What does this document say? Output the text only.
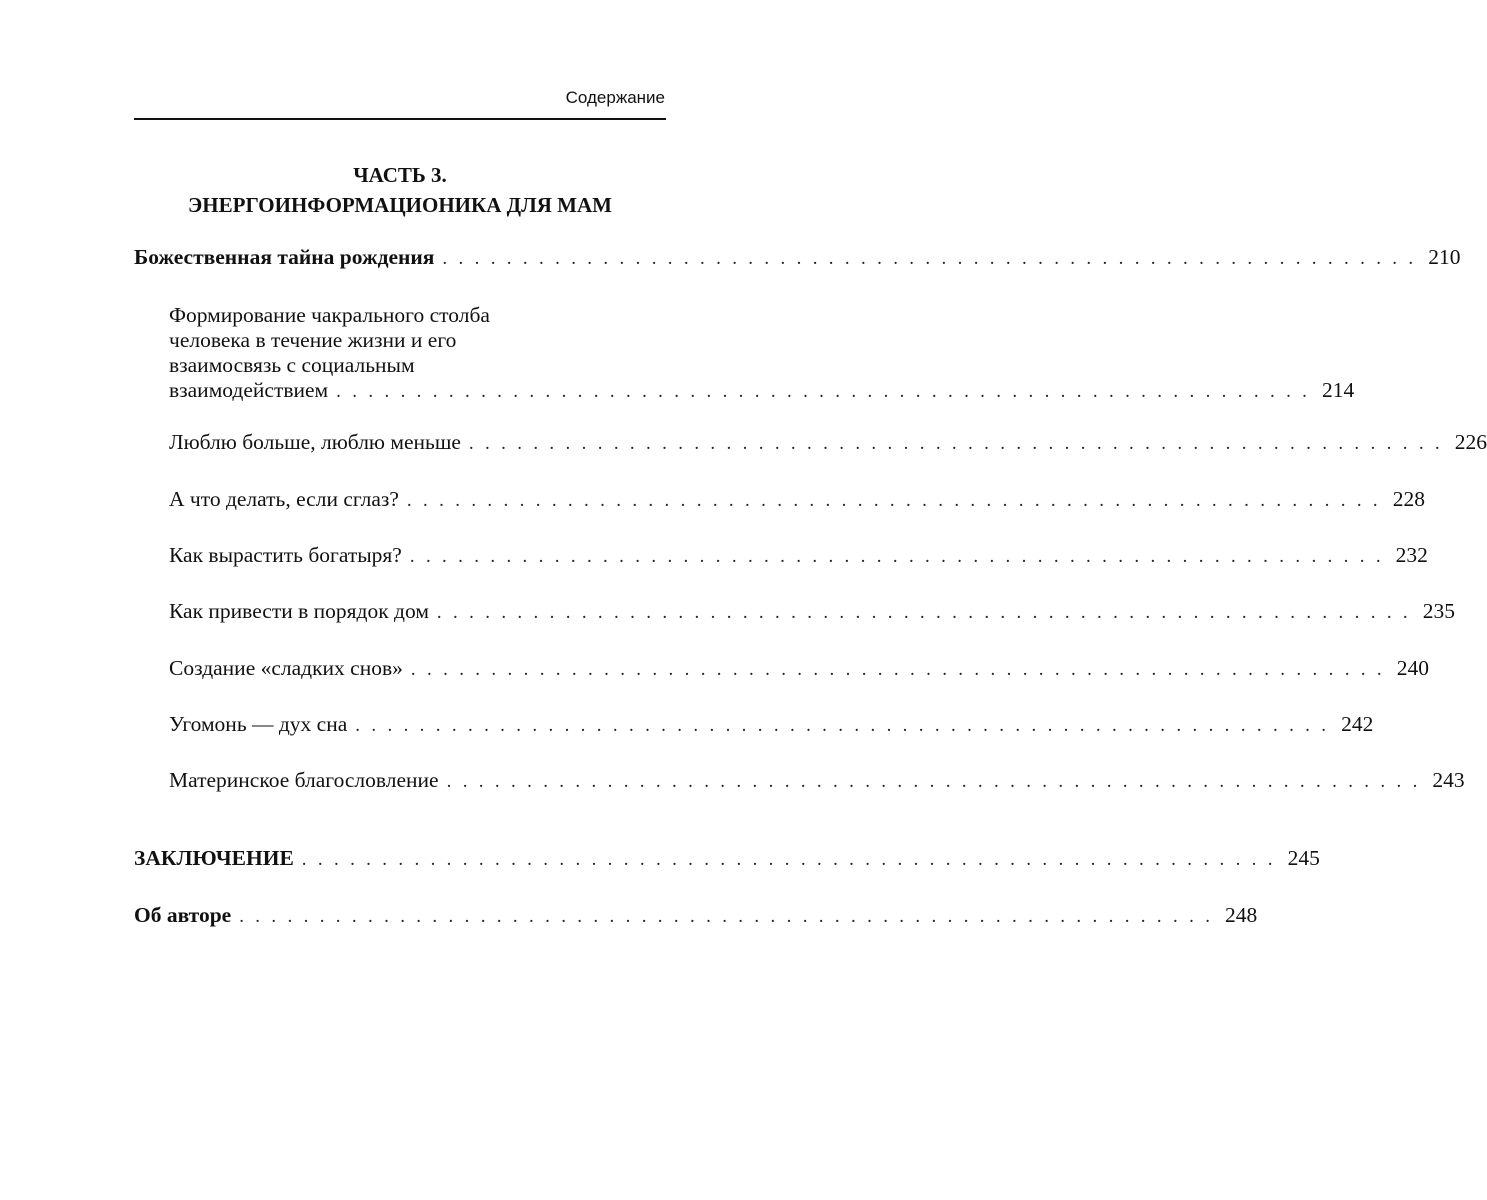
Содержание
ЧАСТЬ 3.
ЭНЕРГОИНФОРМАЦИОНИКА ДЛЯ МАМ
Божественная тайна рождения . . . . . . . . . . . . . . . . . . . . . . . . . . . . . . . . . . . . . . . . . . . . . . . . . . . . . . . . . . . . . 210
Формирование чакрального столба
человека в течение жизни и его
взаимосвязь с социальным
взаимодействием . . . . . . . . . . . . . . . . . . . . . . . . . . . . . . . . . . . . . . . . . . . . . . . . . . . . . . . . . . . . . 214
Люблю больше, люблю меньше . . . . . . . . . . . . . . . . . . . . . . . . . . . . . . . . . . . . . . . . . . . . . . . . . . . . . . . . . . . . . 226
А что делать, если сглаз? . . . . . . . . . . . . . . . . . . . . . . . . . . . . . . . . . . . . . . . . . . . . . . . . . . . . . . . . . . . . . 228
Как вырастить богатыря? . . . . . . . . . . . . . . . . . . . . . . . . . . . . . . . . . . . . . . . . . . . . . . . . . . . . . . . . . . . . . 232
Как привести в порядок дом . . . . . . . . . . . . . . . . . . . . . . . . . . . . . . . . . . . . . . . . . . . . . . . . . . . . . . . . . . . . . 235
Создание «сладких снов» . . . . . . . . . . . . . . . . . . . . . . . . . . . . . . . . . . . . . . . . . . . . . . . . . . . . . . . . . . . . . 240
Угомонь — дух сна . . . . . . . . . . . . . . . . . . . . . . . . . . . . . . . . . . . . . . . . . . . . . . . . . . . . . . . . . . . . . 242
Материнское благословление . . . . . . . . . . . . . . . . . . . . . . . . . . . . . . . . . . . . . . . . . . . . . . . . . . . . . . . . . . . . . 243
ЗАКЛЮЧЕНИЕ . . . . . . . . . . . . . . . . . . . . . . . . . . . . . . . . . . . . . . . . . . . . . . . . . . . . . . . . . . . . . 245
Об авторе . . . . . . . . . . . . . . . . . . . . . . . . . . . . . . . . . . . . . . . . . . . . . . . . . . . . . . . . . . . . . 248
